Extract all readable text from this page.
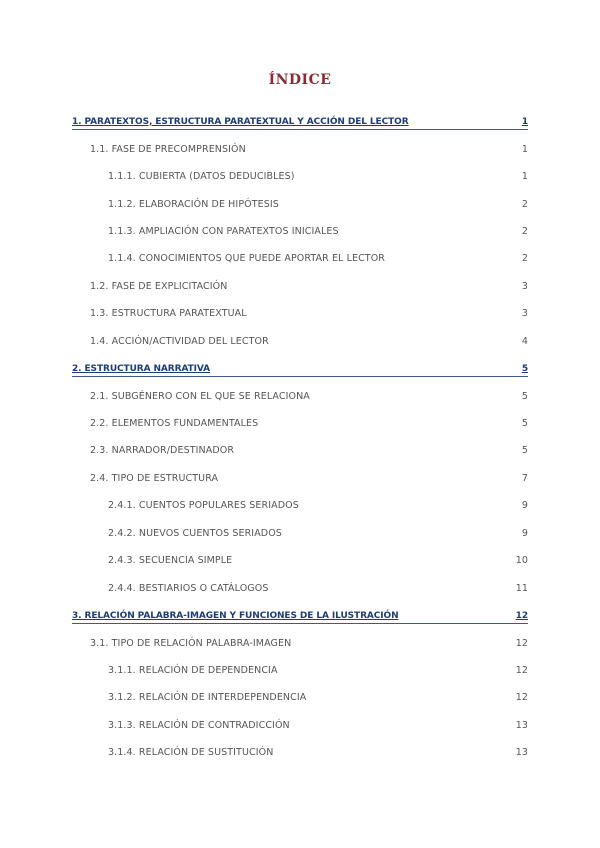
ÍNDICE
1. PARATEXTOS, ESTRUCTURA PARATEXTUAL Y ACCIÓN DEL LECTOR	1
1.1. FASE DE PRECOMPRENSIÓN	1
1.1.1. CUBIERTA (DATOS DEDUCIBLES)	1
1.1.2. ELABORACIÓN DE HIPÓTESIS	2
1.1.3. AMPLIACIÓN CON PARATEXTOS INICIALES	2
1.1.4. CONOCIMIENTOS QUE PUEDE APORTAR EL LECTOR	2
1.2. FASE DE EXPLICITACIÓN	3
1.3. ESTRUCTURA PARATEXTUAL	3
1.4. ACCIÓN/ACTIVIDAD DEL LECTOR	4
2. ESTRUCTURA NARRATIVA	5
2.1. SUBGÉNERO CON EL QUE SE RELACIONA	5
2.2. ELEMENTOS FUNDAMENTALES	5
2.3. NARRADOR/DESTINADOR	5
2.4. TIPO DE ESTRUCTURA	7
2.4.1. CUENTOS POPULARES SERIADOS	9
2.4.2. NUEVOS CUENTOS SERIADOS	9
2.4.3. SECUENCIA SIMPLE	10
2.4.4. BESTIARIOS O CATÁLOGOS	11
3. RELACIÓN PALABRA-IMAGEN Y FUNCIONES DE LA ILUSTRACIÓN	12
3.1. TIPO DE RELACIÓN PALABRA-IMAGEN	12
3.1.1. RELACIÓN DE DEPENDENCIA	12
3.1.2. RELACIÓN DE INTERDEPENDENCIA	12
3.1.3. RELACIÓN DE CONTRADICCIÓN	13
3.1.4. RELACIÓN DE SUSTITUCIÓN	13
